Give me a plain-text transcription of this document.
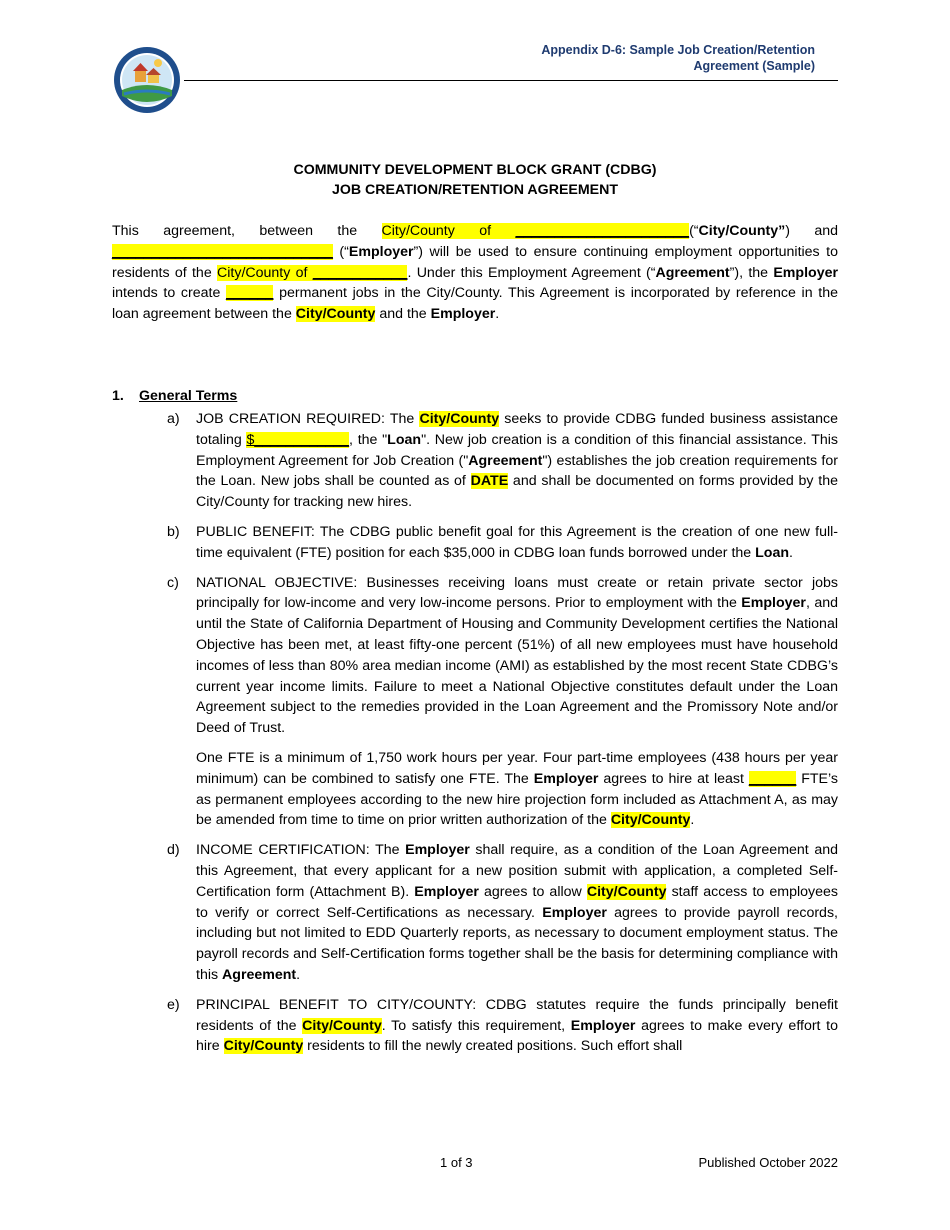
Appendix D-6: Sample Job Creation/Retention
Agreement (Sample)
COMMUNITY DEVELOPMENT BLOCK GRANT (CDBG)
JOB CREATION/RETENTION AGREEMENT
This agreement, between the City/County of ______________________(“City/County”) and ____________________________ (“Employer”) will be used to ensure continuing employment opportunities to residents of the City/County of ____________. Under this Employment Agreement (“Agreement”), the Employer intends to create ______ permanent jobs in the City/County. This Agreement is incorporated by reference in the loan agreement between the City/County and the Employer.
1. General Terms
a) JOB CREATION REQUIRED: The City/County seeks to provide CDBG funded business assistance totaling $____________, the "Loan". New job creation is a condition of this financial assistance. This Employment Agreement for Job Creation ("Agreement") establishes the job creation requirements for the Loan. New jobs shall be counted as of DATE and shall be documented on forms provided by the City/County for tracking new hires.
b) PUBLIC BENEFIT: The CDBG public benefit goal for this Agreement is the creation of one new full-time equivalent (FTE) position for each $35,000 in CDBG loan funds borrowed under the Loan.
c) NATIONAL OBJECTIVE: Businesses receiving loans must create or retain private sector jobs principally for low-income and very low-income persons. Prior to employment with the Employer, and until the State of California Department of Housing and Community Development certifies the National Objective has been met, at least fifty-one percent (51%) of all new employees must have household incomes of less than 80% area median income (AMI) as established by the most recent State CDBG’s current year income limits. Failure to meet a National Objective constitutes default under the Loan Agreement subject to the remedies provided in the Loan Agreement and the Promissory Note and/or Deed of Trust.
One FTE is a minimum of 1,750 work hours per year. Four part-time employees (438 hours per year minimum) can be combined to satisfy one FTE. The Employer agrees to hire at least ______ FTE’s as permanent employees according to the new hire projection form included as Attachment A, as may be amended from time to time on prior written authorization of the City/County.
d) INCOME CERTIFICATION: The Employer shall require, as a condition of the Loan Agreement and this Agreement, that every applicant for a new position submit with application, a completed Self-Certification form (Attachment B). Employer agrees to allow City/County staff access to employees to verify or correct Self-Certifications as necessary. Employer agrees to provide payroll records, including but not limited to EDD Quarterly reports, as necessary to document employment status. The payroll records and Self-Certification forms together shall be the basis for determining compliance with this Agreement.
e) PRINCIPAL BENEFIT TO CITY/COUNTY: CDBG statutes require the funds principally benefit residents of the City/County. To satisfy this requirement, Employer agrees to make every effort to hire City/County residents to fill the newly created positions. Such effort shall
1 of 3	Published October 2022
